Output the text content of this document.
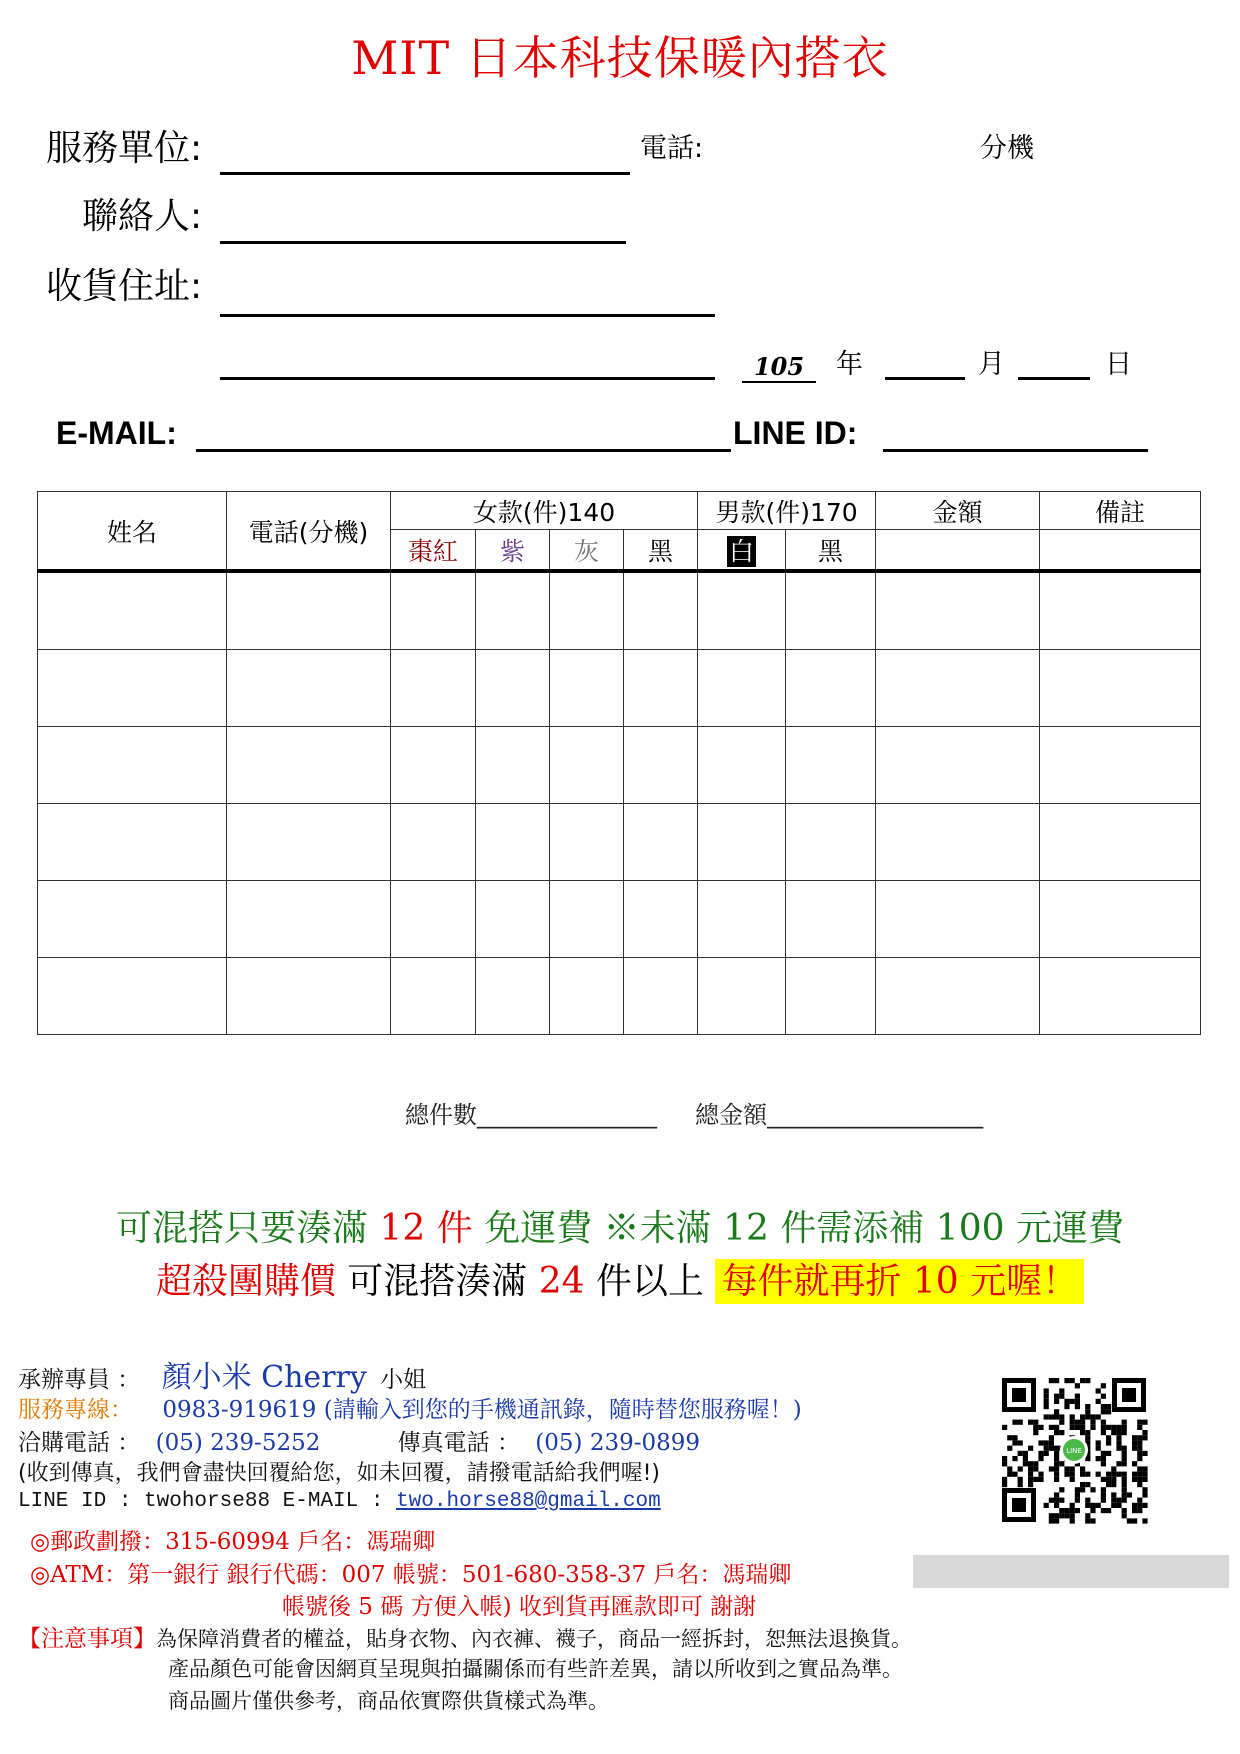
MIT 日本科技保暖內搭衣
服務單位:	電話:	分機
聯絡人:
收貨住址:
105	年	月	日
E-MAIL:	LINE ID:
姓名	電話(分機)	女款(件)140				男款(件)170		金額	備註
		棗紅	紫	灰	黑	白	黑		

總件數_______________ 總金額__________________
可混搭只要湊滿 12 件 免運費 ※未滿 12 件需添補 100 元運費
超殺團購價 可混搭湊滿 24 件以上 每件就再折 10 元喔！
承辦專員 ： 顏小米 Cherry 小姐
服務專線： 0983-919619 (請輸入到您的手機通訊錄，隨時替您服務喔！)
洽購電話 ： (05) 239-5252	傳真電話 ： (05) 239-0899
(收到傳真，我們會盡快回覆給您，如未回覆，請撥電話給我們喔!)
LINE ID : twohorse88 E-MAIL : two.horse88@gmail.com
◎郵政劃撥：315-60994 戶名：馮瑞卿
◎ATM：第一銀行 銀行代碼：007 帳號：501-680-358-37 戶名：馮瑞卿
帳號後 5 碼 方便入帳) 收到貨再匯款即可 謝謝
【注意事項】為保障消費者的權益，貼身衣物、內衣褲、襪子，商品一經拆封，恕無法退換貨。
產品顏色可能會因網頁呈現與拍攝關係而有些許差異，請以所收到之實品為準。
商品圖片僅供參考，商品依實際供貨樣式為準。
LINE
